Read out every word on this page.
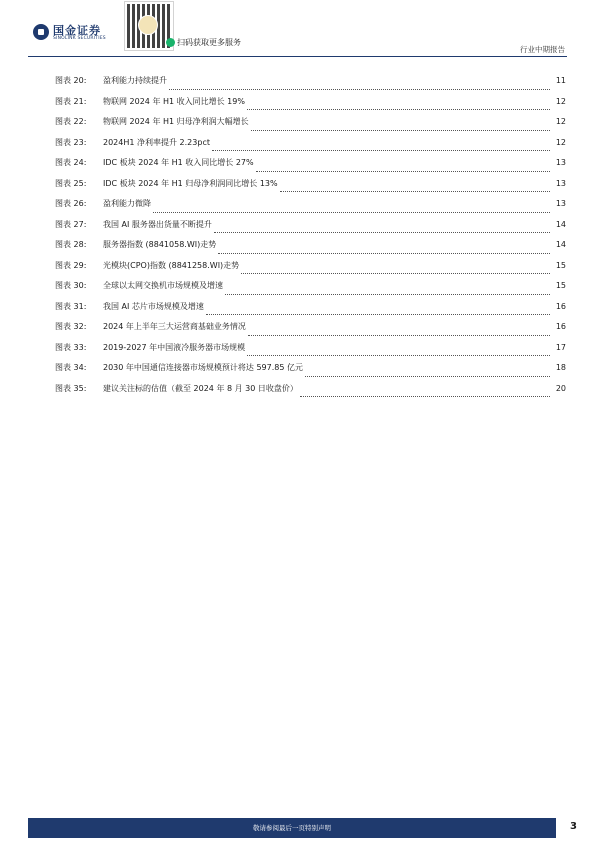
国金证券
SINOLINK SECURITIES	扫码获取更多服务
行业中期报告
图表 20:	盈利能力持续提升	11
图表 21:	物联网 2024 年 H1 收入同比增长 19%	12
图表 22:	物联网 2024 年 H1 归母净利润大幅增长	12
图表 23:	2024H1 净利率提升 2.23pct	12
图表 24:	IDC 板块 2024 年 H1 收入同比增长 27%	13
图表 25:	IDC 板块 2024 年 H1 归母净利润同比增长 13%	13
图表 26:	盈利能力微降	13
图表 27:	我国 AI 服务器出货量不断提升	14
图表 28:	服务器指数 (8841058.WI)走势	14
图表 29:	光模块(CPO)指数 (8841258.WI)走势	15
图表 30:	全球以太网交换机市场规模及增速	15
图表 31:	我国 AI 芯片市场规模及增速	16
图表 32:	2024 年上半年三大运营商基础业务情况	16
图表 33:	2019-2027 年中国液冷服务器市场规模	17
图表 34:	2030 年中国通信连接器市场规模预计将达 597.85 亿元	18
图表 35:	建议关注标的估值（截至 2024 年 8 月 30 日收盘价）	20
敬请参阅最后一页特别声明	3
